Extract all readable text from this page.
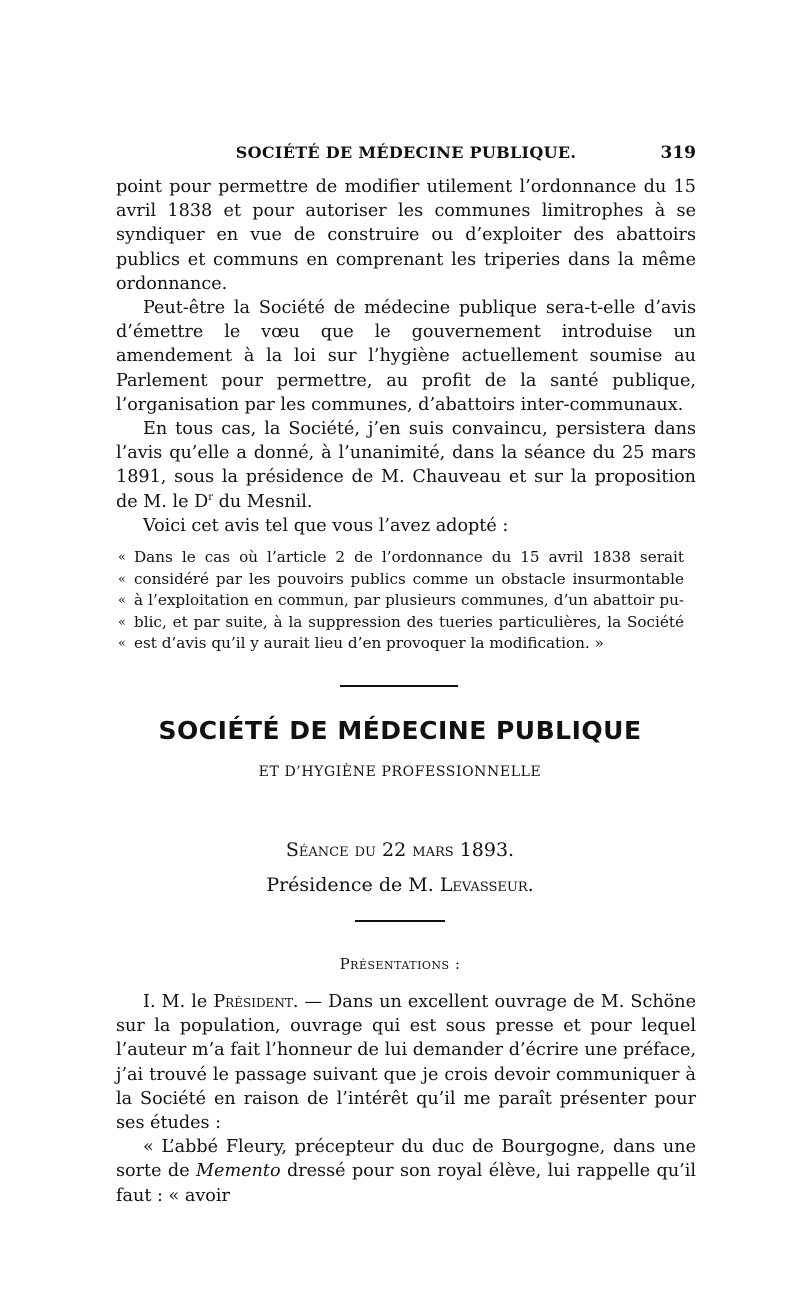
SOCIÉTÉ DE MÉDECINE PUBLIQUE.	319

point pour permettre de modifier utilement l’ordonnance du 15 avril 1838 et pour autoriser les communes limitrophes à se syndiquer en vue de construire ou d’exploiter des abattoirs publics et communs en comprenant les triperies dans la même ordonnance.

Peut-être la Société de médecine publique sera-t-elle d’avis d’émettre le vœu que le gouvernement introduise un amendement à la loi sur l’hygiène actuellement soumise au Parlement pour permettre, au profit de la santé publique, l’organisation par les communes, d’abattoirs inter-communaux.

En tous cas, la Société, j’en suis convaincu, persistera dans l’avis qu’elle a donné, à l’unanimité, dans la séance du 25 mars 1891, sous la présidence de M. Chauveau et sur la proposition de M. le $D^r$ du Mesnil.

Voici cet avis tel que vous l’avez adopté :

« Dans le cas où l’article 2 de l’ordonnance du 15 avril 1838 serait
« considéré par les pouvoirs publics comme un obstacle insurmontable
« à l’exploitation en commun, par plusieurs communes, d’un abattoir pu-
« blic, et par suite, à la suppression des tueries particulières, la Société
« est d’avis qu’il y aurait lieu d’en provoquer la modification. »
SOCIÉTÉ DE MÉDECINE PUBLIQUE
ET D’HYGIÈNE PROFESSIONNELLE
Séance du 22 mars 1893.
Présidence de M. Levasseur.
Présentations :

I. M. le Président. — Dans un excellent ouvrage de M. Schöne sur la population, ouvrage qui est sous presse et pour lequel l’auteur m’a fait l’honneur de lui demander d’écrire une préface, j’ai trouvé le passage suivant que je crois devoir communiquer à la Société en raison de l’intérêt qu’il me paraît présenter pour ses études :

« L’abbé Fleury, précepteur du duc de Bourgogne, dans une sorte de Memento dressé pour son royal élève, lui rappelle qu’il faut : « avoir
